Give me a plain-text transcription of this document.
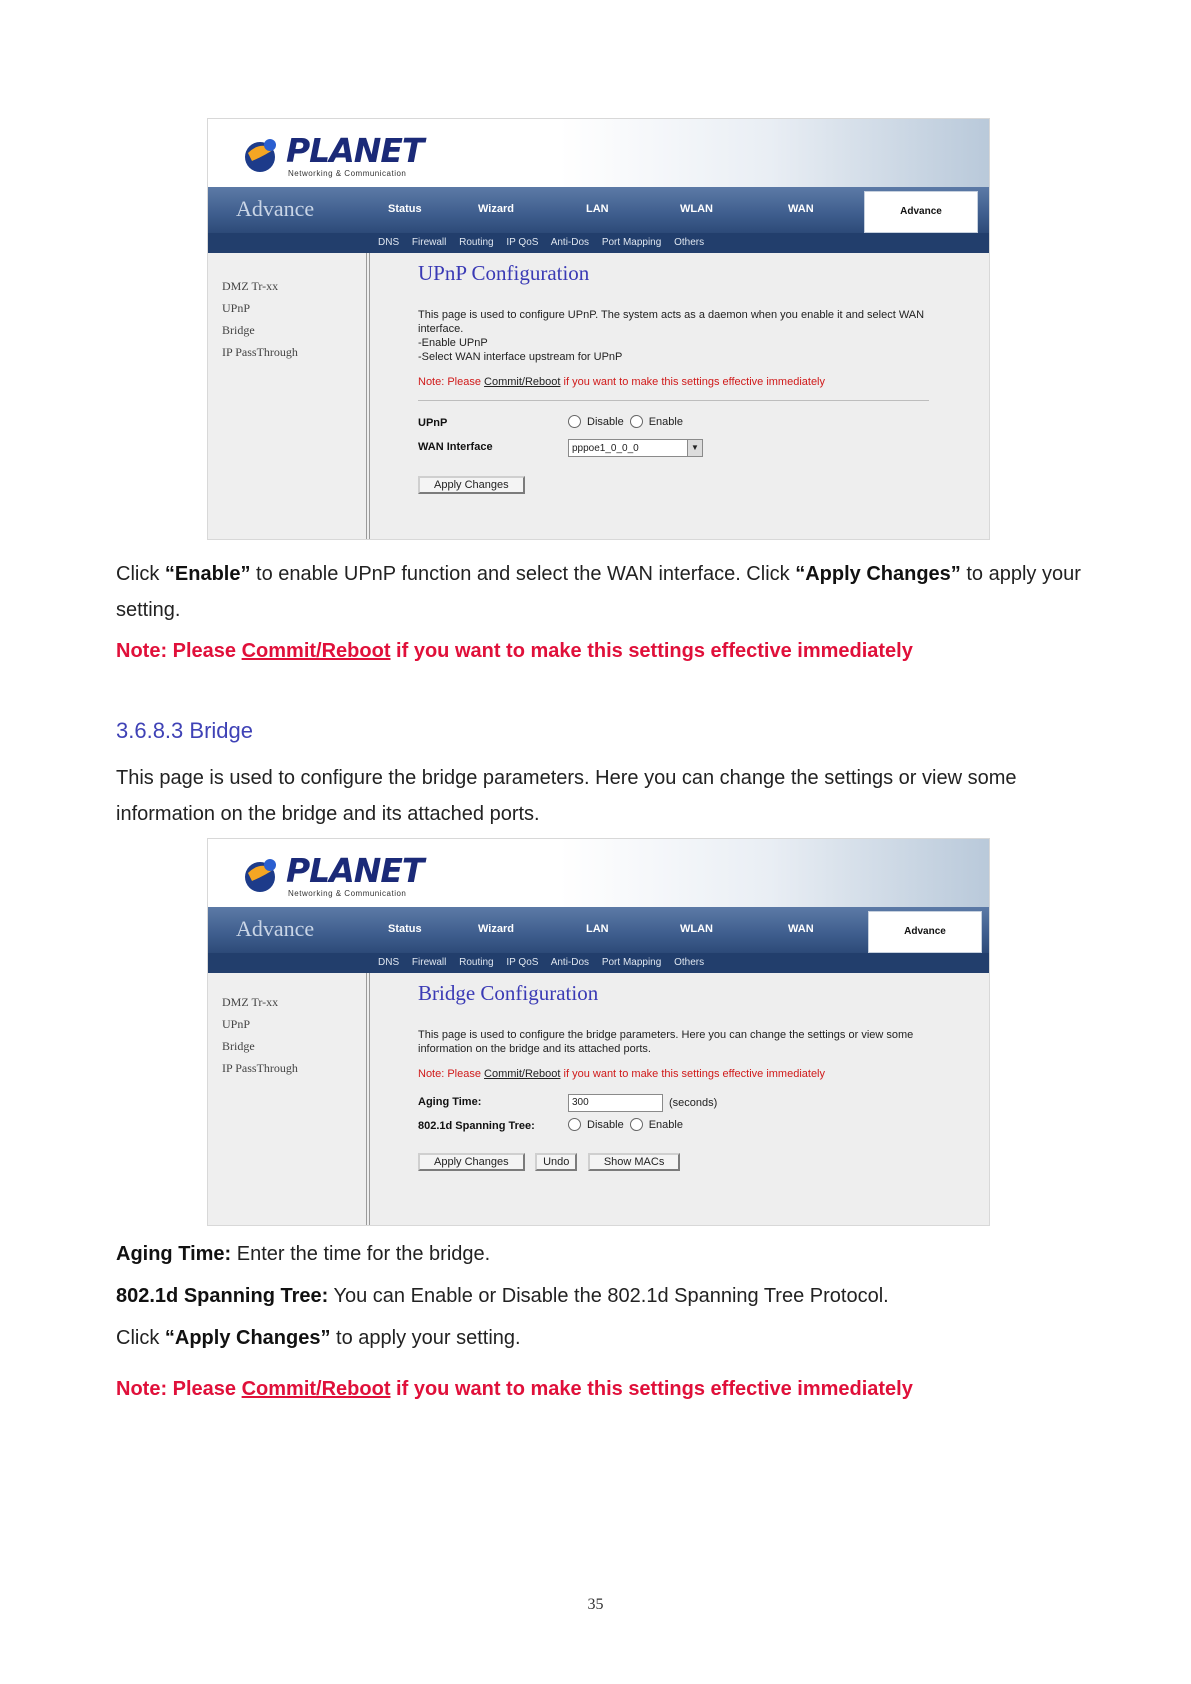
PLANET
Networking & Communication
Advance	Status	Wizard	LAN	WLAN	WAN	Advance
DNS Firewall Routing IP QoS Anti-Dos Port Mapping Others
DMZ Tr-xx
UPnP
Bridge
IP PassThrough
UPnP Configuration
This page is used to configure UPnP. The system acts as a daemon when you enable it and select WAN interface.
-Enable UPnP
-Select WAN interface upstream for UPnP
Note: Please Commit/Reboot if you want to make this settings effective immediately
UPnP	Disable Enable
WAN Interface	pppoe1_0_0_0	▼
Apply Changes
Click “Enable” to enable UPnP function and select the WAN interface. Click “Apply Changes” to apply your setting.
Note: Please Commit/Reboot if you want to make this settings effective immediately
3.6.8.3 Bridge
This page is used to configure the bridge parameters. Here you can change the settings or view some information on the bridge and its attached ports.
PLANET
Networking & Communication
Advance	Status	Wizard	LAN	WLAN	WAN	Advance
DNS Firewall Routing IP QoS Anti-Dos Port Mapping Others
DMZ Tr-xx
UPnP
Bridge
IP PassThrough
Bridge Configuration
This page is used to configure the bridge parameters. Here you can change the settings or view some information on the bridge and its attached ports.
Note: Please Commit/Reboot if you want to make this settings effective immediately
Aging Time:	300	(seconds)
802.1d Spanning Tree:	Disable Enable
Apply Changes	Undo	Show MACs
Aging Time: Enter the time for the bridge.
802.1d Spanning Tree: You can Enable or Disable the 802.1d Spanning Tree Protocol.
Click “Apply Changes” to apply your setting.
Note: Please Commit/Reboot if you want to make this settings effective immediately
35
